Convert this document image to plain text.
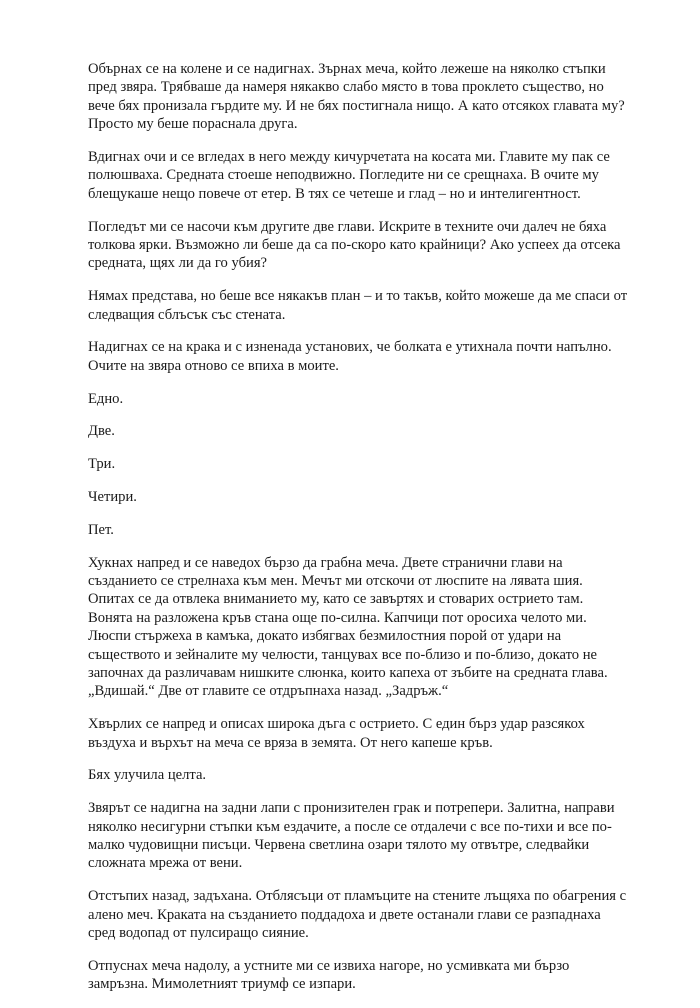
Обърнах се на колене и се надигнах. Зърнах меча, който лежеше на няколко стъпки пред звяра. Трябваше да намеря някакво слабо място в това проклето същество, но вече бях пронизала гърдите му. И не бях постигнала нищо. А като отсякох главата му? Просто му беше пораснала друга.

Вдигнах очи и се вгледах в него между кичурчетата на косата ми. Главите му пак се полюшваха. Средната стоеше неподвижно. Погледите ни се срещнаха. В очите му блещукаше нещо повече от етер. В тях се четеше и глад – но и интелигентност.

Погледът ми се насочи към другите две глави. Искрите в техните очи далеч не бяха толкова ярки. Възможно ли беше да са по-скоро като крайници? Ако успеех да отсека средната, щях ли да го убия?

Нямах представа, но беше все някакъв план – и то такъв, който можеше да ме спаси от следващия сблъсък със стената.

Надигнах се на крака и с изненада установих, че болката е утихнала почти напълно. Очите на звяра отново се впиха в моите.

Едно.

Две.

Три.

Четири.

Пет.

Хукнах напред и се наведох бързо да грабна меча. Двете странични глави на създанието се стрелнаха към мен. Мечът ми отскочи от люспите на лявата шия. Опитах се да отвлека вниманието му, като се завъртях и стоварих острието там. Вонята на разложена кръв стана още по-силна. Капчици пот оросиха челото ми. Люспи стържеха в камъка, докато избягвах безмилостния порой от удари на съществото и зейналите му челюсти, танцувах все по-близо и по-близо, докато не започнах да различавам нишките слюнка, които капеха от зъбите на средната глава. „Вдишай.“ Две от главите се отдръпнаха назад. „Задръж.“

Хвърлих се напред и описах широка дъга с острието. С един бърз удар разсякох въздуха и върхът на меча се вряза в земята. От него капеше кръв.

Бях улучила целта.

Звярът се надигна на задни лапи с пронизителен грак и потрепери. Залитна, направи няколко несигурни стъпки към ездачите, а после се отдалечи с все по-тихи и все по-малко чудовищни писъци. Червена светлина озари тялото му отвътре, следвайки сложната мрежа от вени.

Отстъпих назад, задъхана. Отблясъци от пламъците на стените лъщяха по обагрения с алено меч. Краката на създанието поддадоха и двете останали глави се разпаднаха сред водопад от пулсиращо сияние.

Отпуснах меча надолу, а устните ми се извиха нагоре, но усмивката ми бързо замръзна. Мимолетният триумф се изпари.
